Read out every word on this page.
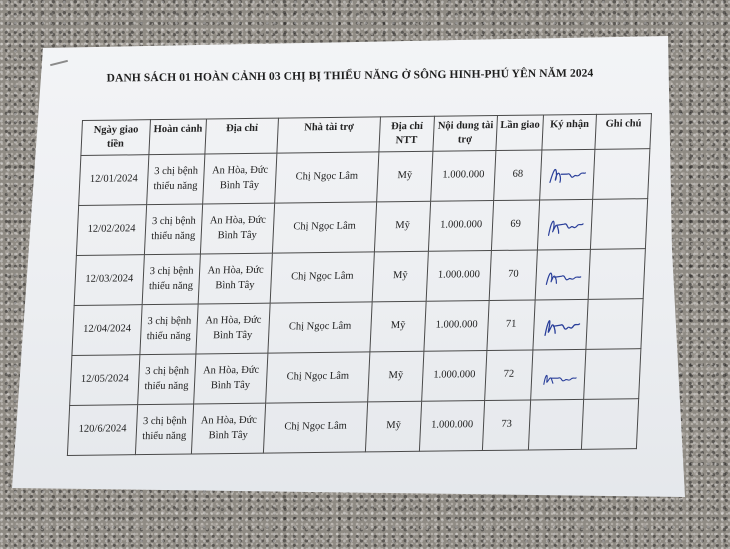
DANH SÁCH 01 HOÀN CẢNH 03 CHỊ BỊ THIỂU NĂNG Ở SÔNG HINH-PHÚ YÊN NĂM 2024
Ngày giao tiền	Hoàn cảnh	Địa chỉ	Nhà tài trợ	Địa chỉ NTT	Nội dung tài trợ	Lần giao	Ký nhận	Ghi chú
12/01/2024	3 chị bệnh thiểu năng	An Hòa, Đức Bình Tây	Chị Ngọc Lâm	Mỹ	1.000.000	68	

12/02/2024	3 chị bệnh thiểu năng	An Hòa, Đức Bình Tây	Chị Ngọc Lâm	Mỹ	1.000.000	69	

12/03/2024	3 chị bệnh thiểu năng	An Hòa, Đức Bình Tây	Chị Ngọc Lâm	Mỹ	1.000.000	70	

12/04/2024	3 chị bệnh thiểu năng	An Hòa, Đức Bình Tây	Chị Ngọc Lâm	Mỹ	1.000.000	71	

12/05/2024	3 chị bệnh thiểu năng	An Hòa, Đức Bình Tây	Chị Ngọc Lâm	Mỹ	1.000.000	72	

120/6/2024	3 chị bệnh thiểu năng	An Hòa, Đức Bình Tây	Chị Ngọc Lâm	Mỹ	1.000.000	73		
